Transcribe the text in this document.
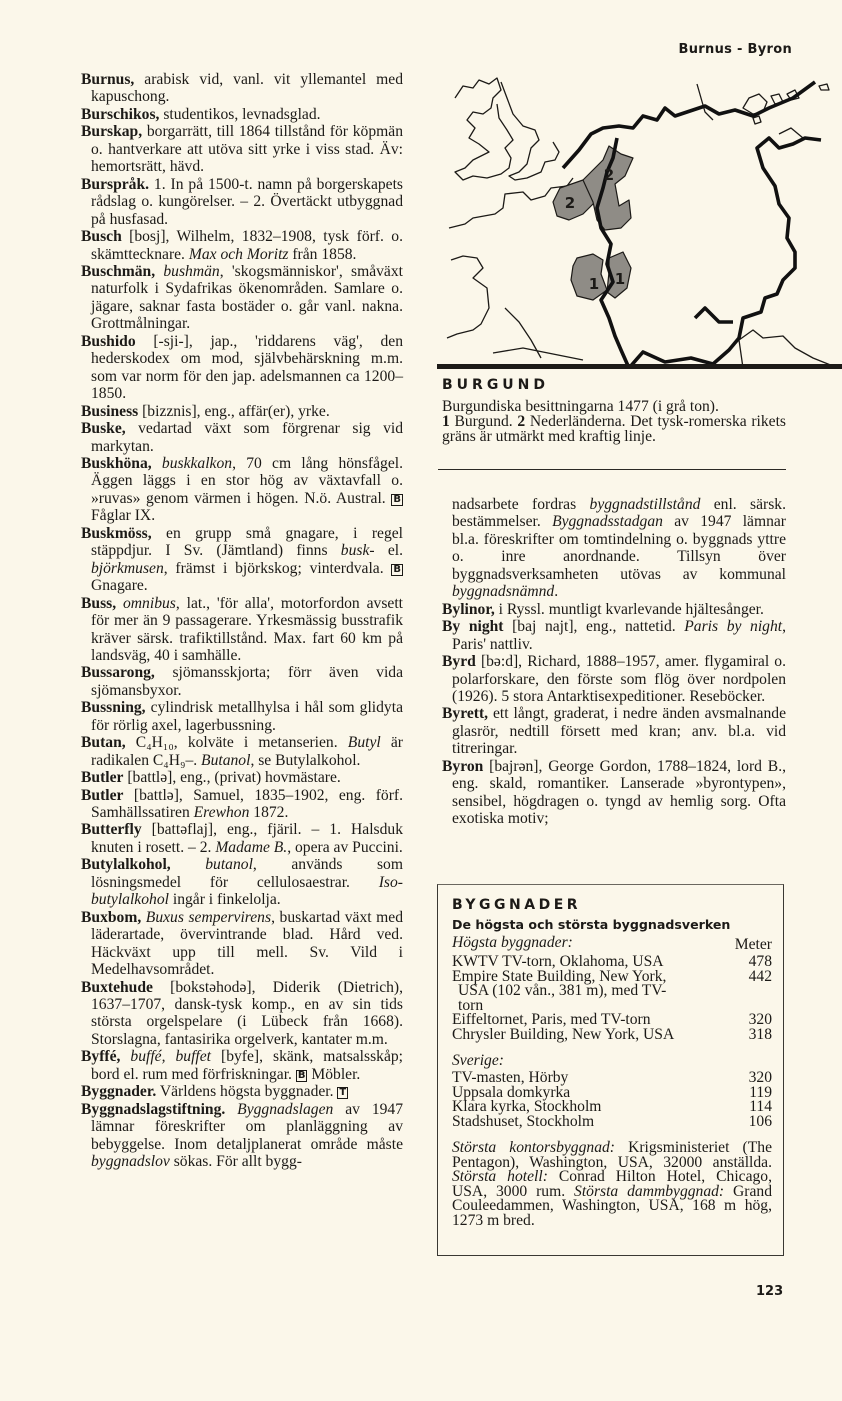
Burnus - Byron

Burnus, arabisk vid, vanl. vit yllemantel med kapuschong.

Burschikos, studentikos, levnadsglad.

Burskap, borgarrätt, till 1864 tillstånd för köpmän o. hantverkare att utöva sitt yrke i viss stad. Äv: hemortsrätt, hävd.

Burspråk. 1. In på 1500-t. namn på borgerskapets rådslag o. kungörelser. – 2. Övertäckt utbyggnad på husfasad.

Busch [bosj], Wilhelm, 1832–1908, tysk förf. o. skämttecknare. Max och Moritz från 1858.

Buschmän, bushmän, 'skogsmänniskor', småväxt naturfolk i Sydafrikas ökenområden. Samlare o. jägare, saknar fasta bostäder o. går vanl. nakna. Grottmålningar.

Bushido [-sji-], jap., 'riddarens väg', den hederskodex om mod, självbehärskning m.m. som var norm för den jap. adelsmannen ca 1200–1850.

Business [bizznis], eng., affär(er), yrke.

Buske, vedartad växt som förgrenar sig vid markytan.

Buskhöna, buskkalkon, 70 cm lång hönsfågel. Äggen läggs i en stor hög av växtavfall o. »ruvas» genom värmen i högen. N.ö. Austral. B Fåglar IX.

Buskmöss, en grupp små gnagare, i regel stäppdjur. I Sv. (Jämtland) finns busk- el. björkmusen, främst i björkskog; vinterdvala. B Gnagare.

Buss, omnibus, lat., 'för alla', motorfordon avsett för mer än 9 passagerare. Yrkesmässig busstrafik kräver särsk. trafiktillstånd. Max. fart 60 km på landsväg, 40 i samhälle.

Bussarong, sjömansskjorta; förr även vida sjömansbyxor.

Bussning, cylindrisk metallhylsa i hål som glidyta för rörlig axel, lagerbussning.

Butan, C₄H₁₀, kolväte i metanserien. Butyl är radikalen C₄H₉–. Butanol, se Butylalkohol.

Butler [battlə], eng., (privat) hovmästare.

Butler [battlə], Samuel, 1835–1902, eng. förf. Samhällssatiren Erewhon 1872.

Butterfly [battəflaj], eng., fjäril. – 1. Halsduk knuten i rosett. – 2. Madame B., opera av Puccini.

Butylalkohol, butanol, används som lösningsmedel för cellulosaestrar. Iso-butylalkohol ingår i finkelolja.

Buxbom, Buxus sempervirens, buskartad växt med läderartade, övervintrande blad. Hård ved. Häckväxt upp till mell. Sv. Vild i Medelhavsområdet.

Buxtehude [bokstəhodə], Diderik (Dietrich), 1637–1707, dansk-tysk komp., en av sin tids största orgelspelare (i Lübeck från 1668). Storslagna, fantasirika orgelverk, kantater m.m.

Byffé, buffé, buffet [byfe], skänk, matsalsskåp; bord el. rum med förfriskningar. B Möbler.

Byggnader. Världens högsta byggnader. T

Byggnadslagstiftning. Byggnadslagen av 1947 lämnar föreskrifter om planläggning av bebyggelse. Inom detaljplanerat område måste byggnadslov sökas. För allt bygg-

2
2
1 1
BURGUND
Burgundiska besittningarna 1477 (i grå ton).
1 Burgund. 2 Nederländerna. Det tysk-romerska rikets gräns är utmärkt med kraftig linje.

nadsarbete fordras byggnadstillstånd enl. särsk. bestämmelser. Byggnadsstadgan av 1947 lämnar bl.a. föreskrifter om tomtindelning o. byggnads yttre o. inre anordnande. Tillsyn över byggnadsverksamheten utövas av kommunal byggnadsnämnd.

Bylinor, i Ryssl. muntligt kvarlevande hjältesånger.

By night [baj najt], eng., nattetid. Paris by night, Paris' nattliv.

Byrd [bə:d], Richard, 1888–1957, amer. flygamiral o. polarforskare, den förste som flög över nordpolen (1926). 5 stora Antarktisexpeditioner. Reseböcker.

Byrett, ett långt, graderat, i nedre änden avsmalnande glasrör, nedtill försett med kran; anv. bl.a. vid titreringar.

Byron [bajrən], George Gordon, 1788–1824, lord B., eng. skald, romantiker. Lanserade »byrontypen», sensibel, högdragen o. tyngd av hemlig sorg. Ofta exotiska motiv;

BYGGNADER
De högsta och största byggnadsverken
Högsta byggnader:	Meter
KWTV TV-torn, Oklahoma, USA	478
Empire State Building, New York,	442
USA (102 vån., 381 m), med TV-
torn
Eiffeltornet, Paris, med TV-torn	320
Chrysler Building, New York, USA	318
Sverige:
TV-masten, Hörby	320
Uppsala domkyrka	119
Klara kyrka, Stockholm	114
Stadshuset, Stockholm	106
Största kontorsbyggnad: Krigsministeriet (The Pentagon), Washington, USA, 32000 anställda. Största hotell: Conrad Hilton Hotel, Chicago, USA, 3000 rum. Största dammbyggnad: Grand Couleedammen, Washington, USA, 168 m hög, 1273 m bred.
123
